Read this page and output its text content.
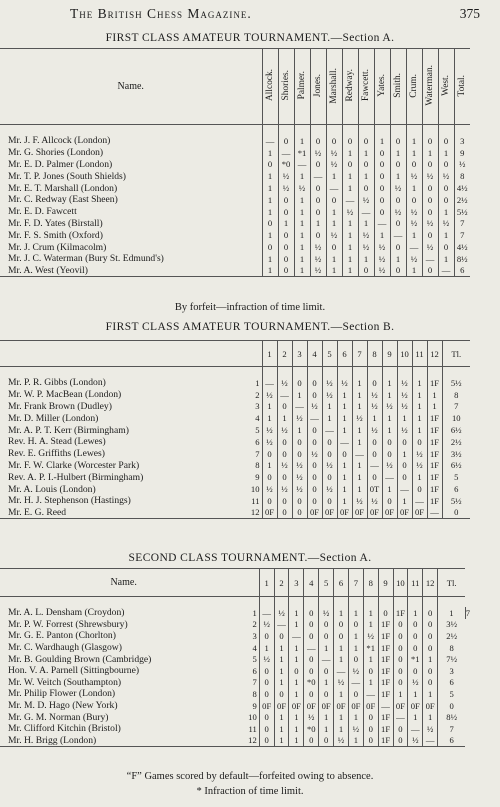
The British Chess Magazine.	375
FIRST CLASS AMATEUR TOURNAMENT.—Section A.
Name.	Allcock.	Shories.	Palmer.	Jones.	Marshall.	Redway.	Fawcett.	Yates.	Smith.	Crum.	Waterman.	West.	Total.

Mr. J. F. Allcock (London)	—	0	1	0	0	0	0	1	0	1	0	0	3
Mr. G. Shories (London)	1	—	*1	½	½	1	1	0	1	1	1	1	9
Mr. E. D. Palmer (London)	0	*0	—	0	½	0	0	0	0	0	0	0	½
Mr. T. P. Jones (South Shields)	1	½	1	—	1	1	1	0	1	½	½	½	8
Mr. E. T. Marshall (London)	1	½	½	0	—	1	0	0	½	1	0	0	4½
Mr. C. Redway (East Sheen)	1	0	1	0	0	—	½	0	0	0	0	0	2½
Mr. E. D. Fawcett	1	0	1	0	1	½	—	0	½	½	0	1	5½
Mr. F. D. Yates (Birstall)	0	1	1	1	1	1	1	—	0	½	½	½	7
Mr. F. S. Smith (Oxford)	1	0	1	0	½	1	½	1	—	1	0	1	7
Mr. J. Crum (Kilmacolm)	0	0	1	½	0	1	½	½	0	—	½	0	4½
Mr. J. C. Waterman (Bury St. Edmund's)	1	0	1	½	1	1	1	½	1	½	—	1	8½
Mr. A. West (Yeovil)	1	0	1	½	1	1	0	½	0	1	0	—	6
By forfeit—infraction of time limit.
FIRST CLASS AMATEUR TOURNAMENT.—Section B.
		1	2	3	4	5	6	7	8	9	10	11	12	Tl.

Mr. P. R. Gibbs (London)	1	—	½	0	0	½	½	1	0	1	½	1	1F	5½
Mr. W. P. MacBean (London)	2	½	—	1	0	½	1	1	½	1	½	1	1	8
Mr. Frank Brown (Dudley)	3	1	0	—	½	1	1	1	½	½	½	1	1	7
Mr. D. Miller (London)	4	1	1	½	—	1	1	½	1	1	1	1	1F	10
Mr. A. P. T. Kerr (Birmingham)	5	½	½	1	0	—	1	1	½	1	½	1	1F	6½
Rev. H. A. Stead (Lewes)	6	½	0	0	0	0	—	1	0	0	0	0	1F	2½
Rev. E. Griffiths (Lewes)	7	0	0	0	½	0	0	—	0	0	1	½	1F	3½
Mr. F. W. Clarke (Worcester Park)	8	1	½	½	0	½	1	1	—	½	0	½	1F	6½
Rev. A. P. I.-Hulbert (Birmingham)	9	0	0	½	0	0	1	1	0	—	0	1	1F	5
Mr. A. Louis (London)	10	½	½	½	0	½	1	1	0T	1	—	0	1F	6
Mr. H. J. Stephenson (Hastings)	11	0	0	0	0	0	1	½	½	0	1	—	1F	5½
Mr. E. G. Reed	12	0F	0	0	0F	0F	0F	0F	0F	0F	0F	0F	—	0
SECOND CLASS TOURNAMENT.—Section A.
Name.		1	2	3	4	5	6	7	8	9	10	11	12	Tl.	

Mr. A. L. Densham (Croydon)	1	—	½	1	0	½	1	1	1	0	1F	1	0	1	7
Mr. P. W. Forrest (Shrewsbury)	2	½	—	1	0	0	0	0	1	1F	0	0	0	3½	
Mr. G. E. Panton (Chorlton)	3	0	0	—	0	0	0	1	½	1F	0	0	0	2½	
Mr. C. Wardhaugh (Glasgow)	4	1	1	1	—	1	1	1	*1	1F	0	0	0	8	
Mr. B. Goulding Brown (Cambridge)	5	½	1	1	0	—	1	0	1	1F	0	*1	1	7½	
Hon. V. A. Parnell (Sittingbourne)	6	0	1	0	0	0	—	½	0	1F	0	0	0	3	
Mr. W. Veitch (Southampton)	7	0	1	1	*0	1	½	—	1	1F	0	½	0	6	
Mr. Philip Flower (London)	8	0	0	1	0	0	1	0	—	1F	1	1	1	5	
Mr. M. D. Hago (New York)	9	0F	0F	0F	0F	0F	0F	0F	0F	—	0F	0F	0F	0	
Mr. G. M. Norman (Bury)	10	0	1	1	½	1	1	1	0	1F	—	1	1	8½	
Mr. Clifford Kitchin (Bristol)	11	0	1	1	*0	1	1	½	0	1F	0	—	½	7	
Mr. H. Brigg (London)	12	0	1	1	0	0	½	1	0	1F	0	½	—	6	
“F” Games scored by default—forfeited owing to absence.
* Infraction of time limit.
